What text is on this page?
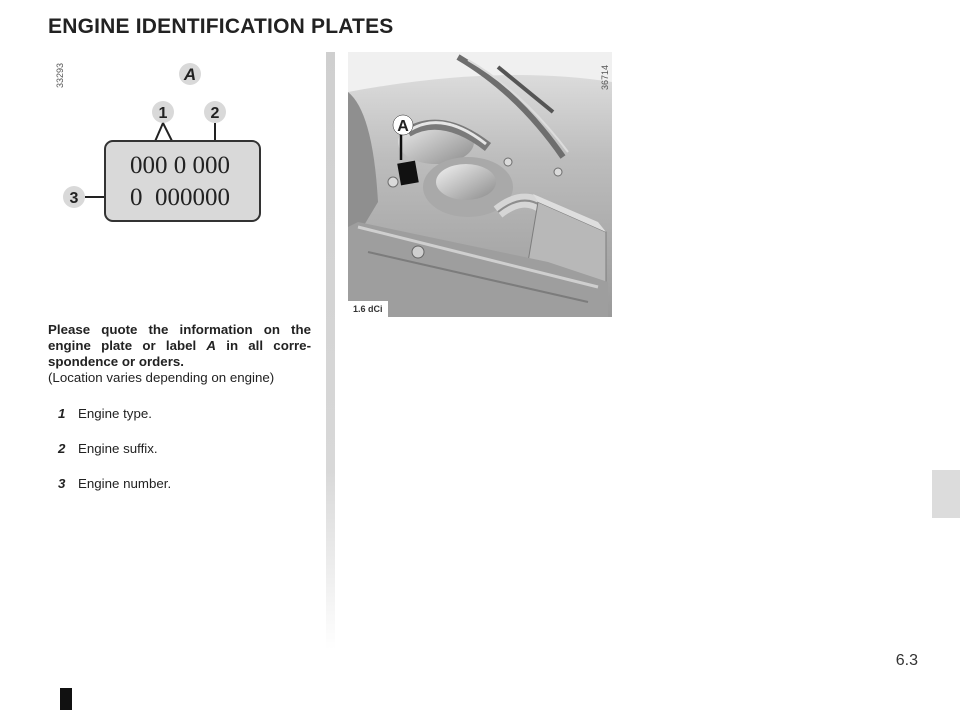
ENGINE IDENTIFICATION PLATES
33293	A
1	2
3
000 0 000
0  000000
A
1.6 dCi
36714
Please quote the information on the engine plate or label A in all corre-spondence or orders.
(Location varies depending on engine)
1 Engine type.
2 Engine suffix.
3 Engine number.
6.3
